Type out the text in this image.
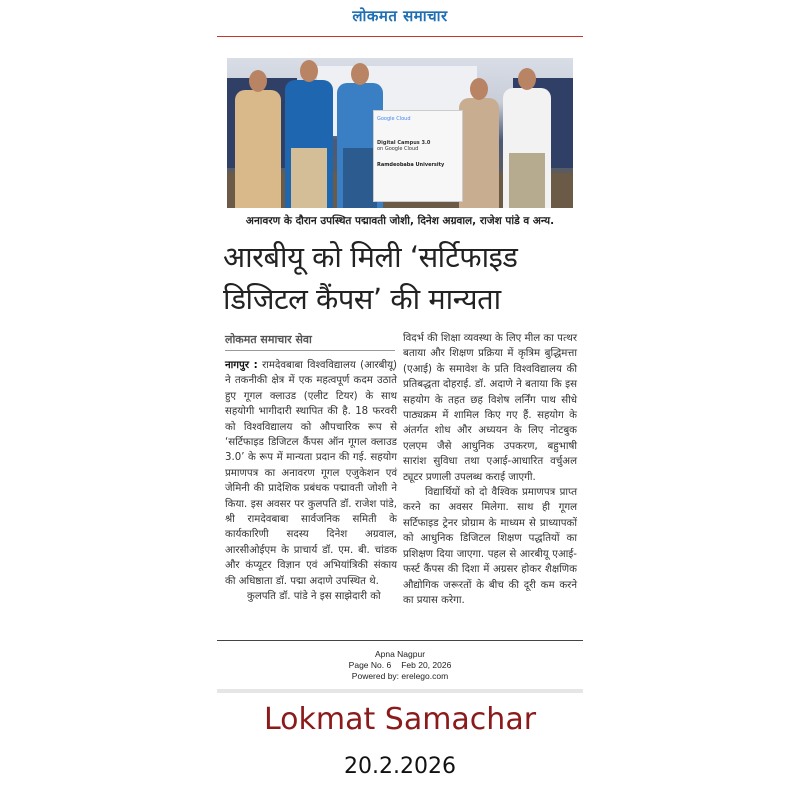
लोकमत समाचार
Google Cloud
Digital Campus 3.0
on Google Cloud
Ramdeobaba University
अनावरण के दौरान उपस्थित पद्मावती जोशी, दिनेश अग्रवाल, राजेश पांडे व अन्य.
आरबीयू को मिली ‘सर्टिफाइड
डिजिटल कैंपस’ की मान्यता
लोकमत समाचार सेवा

नागपुर : रामदेवबाबा विश्वविद्यालय (आरबीयू) ने तकनीकी क्षेत्र में एक महत्वपूर्ण कदम उठाते हुए गूगल क्लाउड (एलीट टियर) के साथ सहयोगी भागीदारी स्थापित की है. 18 फरवरी को विश्वविद्यालय को औपचारिक रूप से ‘सर्टिफाइड डिजिटल कैंपस ऑन गूगल क्लाउड 3.0’ के रूप में मान्यता प्रदान की गई. सहयोग प्रमाणपत्र का अनावरण गूगल एजुकेशन एवं जेमिनी की प्रादेशिक प्रबंधक पद्मावती जोशी ने किया. इस अवसर पर कुलपति डॉ. राजेश पांडे, श्री रामदेवबाबा सार्वजनिक समिती के कार्यकारिणी सदस्य दिनेश अग्रवाल, आरसीओईएम के प्राचार्य डॉ. एम. बी. चांडक और कंप्यूटर विज्ञान एवं अभियांत्रिकी संकाय की अधिष्ठाता डॉ. पद्मा अदाणे उपस्थित थे.

कुलपति डॉ. पांडे ने इस साझेदारी को

विदर्भ की शिक्षा व्यवस्था के लिए मील का पत्थर बताया और शिक्षण प्रक्रिया में कृत्रिम बुद्धिमत्ता (एआई) के समावेश के प्रति विश्वविद्यालय की प्रतिबद्धता दोहराई. डॉ. अदाणे ने बताया कि इस सहयोग के तहत छह विशेष लर्निंग पाथ सीधे पाठ्यक्रम में शामिल किए गए हैं. सहयोग के अंतर्गत शोध और अध्ययन के लिए नोटबुक एलएम जैसे आधुनिक उपकरण, बहुभाषी सारांश सुविधा तथा एआई-आधारित वर्चुअल ट्यूटर प्रणाली उपलब्ध कराई जाएगी.

विद्यार्थियों को दो वैश्विक प्रमाणपत्र प्राप्त करने का अवसर मिलेगा. साथ ही गूगल सर्टिफाइड ट्रेनर प्रोग्राम के माध्यम से प्राध्यापकों को आधुनिक डिजिटल शिक्षण पद्धतियों का प्रशिक्षण दिया जाएगा. पहल से आरबीयू एआई-फर्स्ट कैंपस की दिशा में अग्रसर होकर शैक्षणिक औद्योगिक जरूरतों के बीच की दूरी कम करने का प्रयास करेगा.

Apna Nagpur
Page No. 6 Feb 20, 2026
Powered by: erelego.com
Lokmat Samachar
20.2.2026
